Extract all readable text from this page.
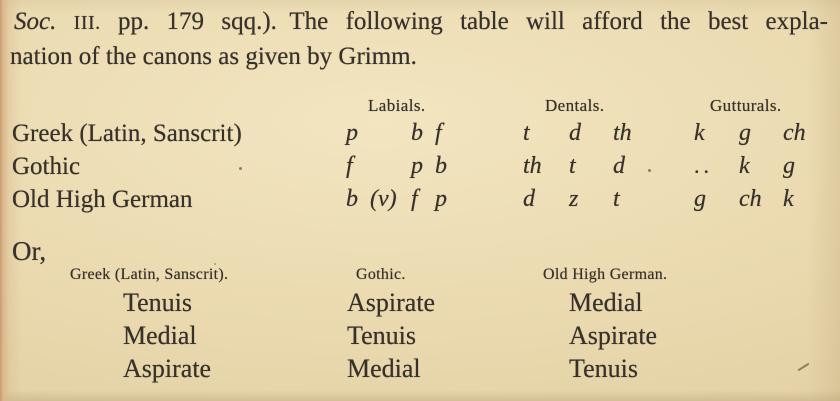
Soc. III. pp. 179 sqq.). The following table will afford the best expla-
nation of the canons as given by Grimm.
Labials.	Dentals.	Gutturals.
Greek (Latin, Sanscrit)	p b f	t d th	k g ch
Gothic	f p b	th t d	.. k g
Old High German	b (v) f p	d z t	g ch k
Or,
Greek (Latin, Sanscrit).	Gothic.	Old High German.
Tenuis	Aspirate	Medial
Medial	Tenuis	Aspirate
Aspirate	Medial	Tenuis
